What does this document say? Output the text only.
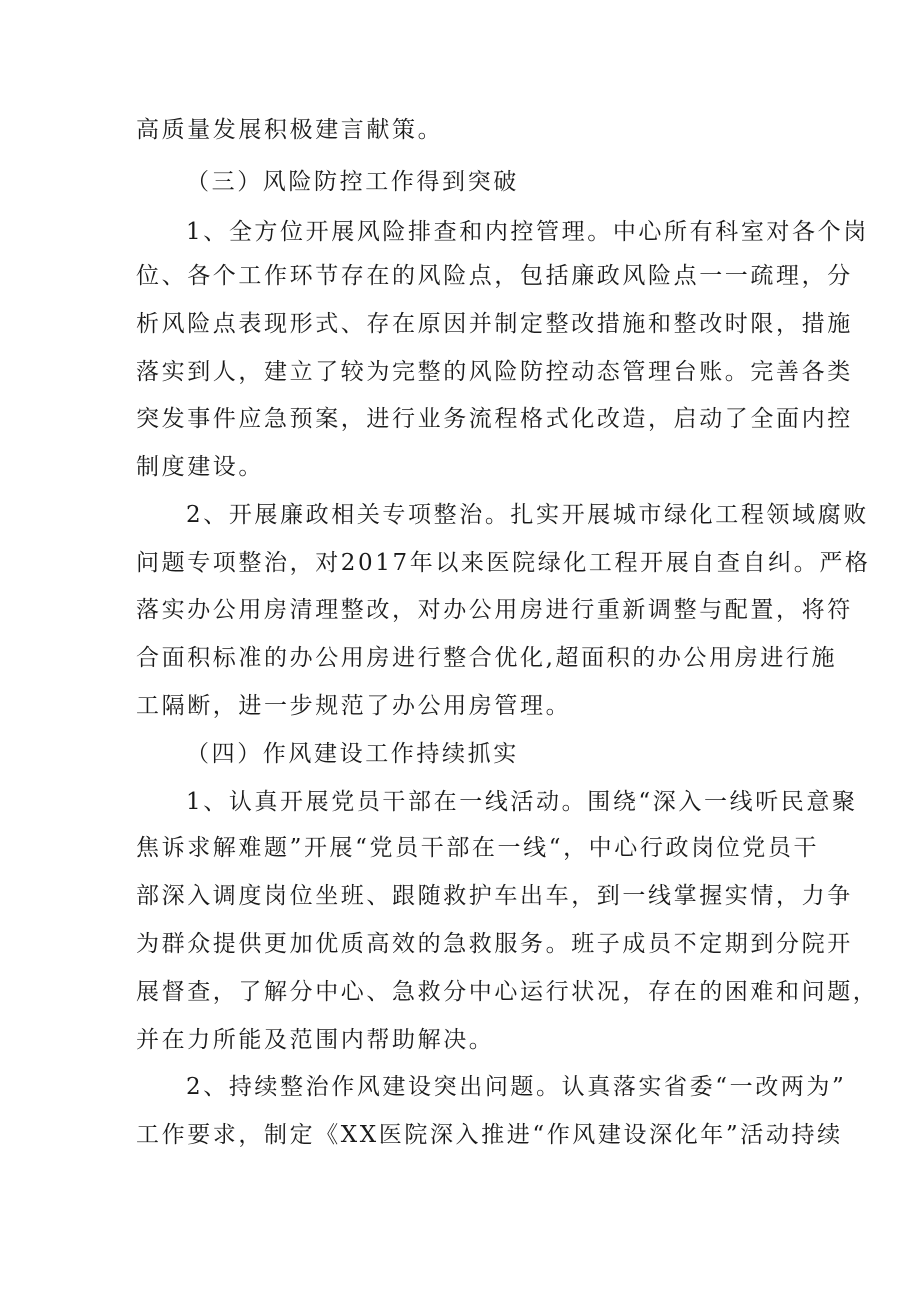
高质量发展积极建言献策。
（三）风险防控工作得到突破
1、全方位开展风险排查和内控管理。中心所有科室对各个岗
位、各个工作环节存在的风险点，包括廉政风险点一一疏理，分
析风险点表现形式、存在原因并制定整改措施和整改时限，措施
落实到人，建立了较为完整的风险防控动态管理台账。完善各类
突发事件应急预案，进行业务流程格式化改造，启动了全面内控
制度建设。
2、开展廉政相关专项整治。扎实开展城市绿化工程领域腐败
问题专项整治，对2017年以来医院绿化工程开展自查自纠。严格
落实办公用房清理整改，对办公用房进行重新调整与配置，将符
合面积标准的办公用房进行整合优化,超面积的办公用房进行施
工隔断，进一步规范了办公用房管理。
（四）作风建设工作持续抓实
1、认真开展党员干部在一线活动。围绕“深入一线听民意聚
焦诉求解难题”开展“党员干部在一线“，中心行政岗位党员干
部深入调度岗位坐班、跟随救护车出车，到一线掌握实情，力争
为群众提供更加优质高效的急救服务。班子成员不定期到分院开
展督查，了解分中心、急救分中心运行状况，存在的困难和问题，
并在力所能及范围内帮助解决。
2、持续整治作风建设突出问题。认真落实省委“一改两为”
工作要求，制定《XX医院深入推进“作风建设深化年”活动持续
